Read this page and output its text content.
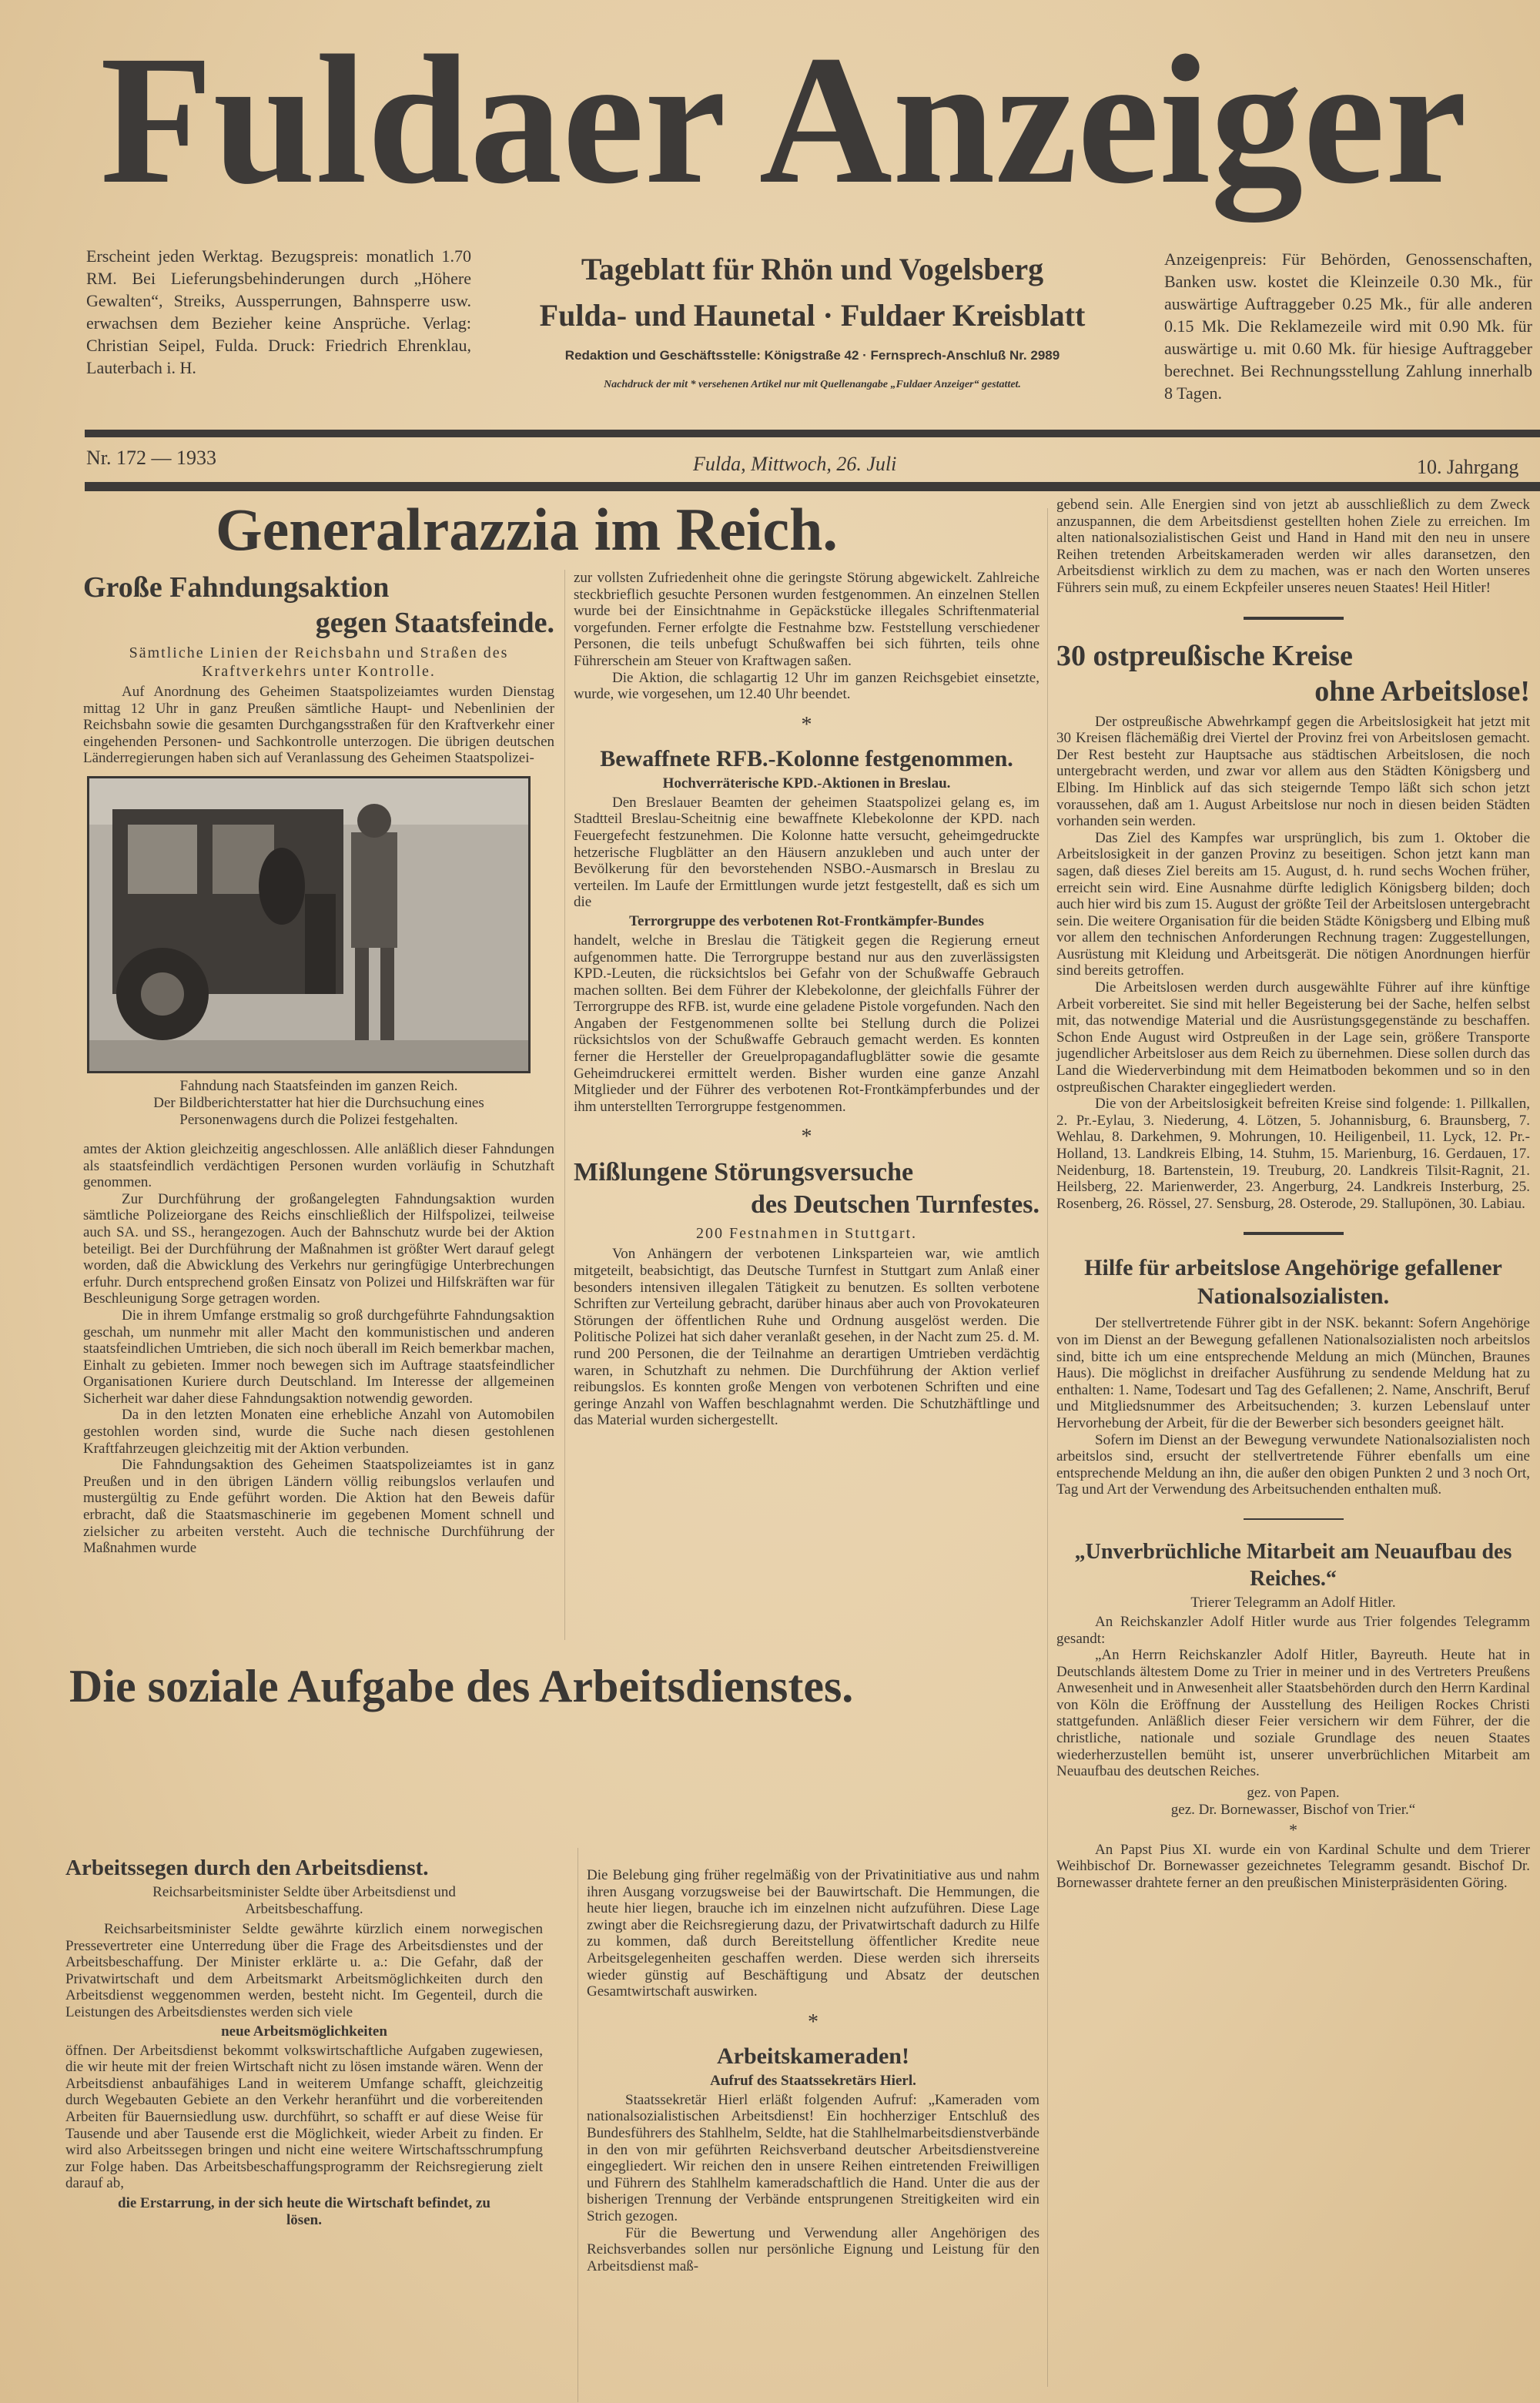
Fuldaer Anzeiger
Erscheint jeden Werktag. Bezugspreis: monatlich 1.70 RM. Bei Lieferungsbehinderungen durch „Höhere Gewalten“, Streiks, Aussperrungen, Bahnsperre usw. erwachsen dem Bezieher keine Ansprüche. Verlag: Christian Seipel, Fulda. Druck: Friedrich Ehrenklau, Lauterbach i. H.
Tageblatt für Rhön und Vogelsberg
Fulda- und Haunetal · Fuldaer Kreisblatt
Redaktion und Geschäftsstelle: Königstraße 42 · Fernsprech-Anschluß Nr. 2989
Nachdruck der mit * versehenen Artikel nur mit Quellenangabe „Fuldaer Anzeiger“ gestattet.
Anzeigenpreis: Für Behörden, Genossenschaften, Banken usw. kostet die Kleinzeile 0.30 Mk., für auswärtige Auftraggeber 0.25 Mk., für alle anderen 0.15 Mk. Die Reklamezeile wird mit 0.90 Mk. für auswärtige u. mit 0.60 Mk. für hiesige Auftraggeber berechnet. Bei Rechnungsstellung Zahlung innerhalb 8 Tagen.
Nr. 172 — 1933	Fulda, Mittwoch, 26. Juli	10. Jahrgang
Generalrazzia im Reich.
Große Fahndungsaktion
gegen Staatsfeinde.
Sämtliche Linien der Reichsbahn und Straßen des Kraftverkehrs unter Kontrolle.

Auf Anordnung des Geheimen Staatspolizeiamtes wurden Dienstag mittag 12 Uhr in ganz Preußen sämtliche Haupt- und Nebenlinien der Reichsbahn sowie die gesamten Durchgangsstraßen für den Kraftverkehr einer eingehenden Personen- und Sachkontrolle unterzogen. Die übrigen deutschen Länderregierungen haben sich auf Veranlassung des Geheimen Staatspolizei-

Fahndung nach Staatsfeinden im ganzen Reich.
Der Bildberichterstatter hat hier die Durchsuchung eines Personenwagens durch die Polizei festgehalten.

amtes der Aktion gleichzeitig angeschlossen. Alle anläßlich dieser Fahndungen als staatsfeindlich verdächtigen Personen wurden vorläufig in Schutzhaft genommen.

Zur Durchführung der großangelegten Fahndungsaktion wurden sämtliche Polizeiorgane des Reichs einschließlich der Hilfspolizei, teilweise auch SA. und SS., herangezogen. Auch der Bahnschutz wurde bei der Aktion beteiligt. Bei der Durchführung der Maßnahmen ist größter Wert darauf gelegt worden, daß die Abwicklung des Verkehrs nur geringfügige Unterbrechungen erfuhr. Durch entsprechend großen Einsatz von Polizei und Hilfskräften war für Beschleunigung Sorge getragen worden.

Die in ihrem Umfange erstmalig so groß durchgeführte Fahndungsaktion geschah, um nunmehr mit aller Macht den kommunistischen und anderen staatsfeindlichen Umtrieben, die sich noch überall im Reich bemerkbar machen, Einhalt zu gebieten. Immer noch bewegen sich im Auftrage staatsfeindlicher Organisationen Kuriere durch Deutschland. Im Interesse der allgemeinen Sicherheit war daher diese Fahndungsaktion notwendig geworden.

Da in den letzten Monaten eine erhebliche Anzahl von Automobilen gestohlen worden sind, wurde die Suche nach diesen gestohlenen Kraftfahrzeugen gleichzeitig mit der Aktion verbunden.

Die Fahndungsaktion des Geheimen Staatspolizeiamtes ist in ganz Preußen und in den übrigen Ländern völlig reibungslos verlaufen und mustergültig zu Ende geführt worden. Die Aktion hat den Beweis dafür erbracht, daß die Staatsmaschinerie im gegebenen Moment schnell und zielsicher zu arbeiten versteht. Auch die technische Durchführung der Maßnahmen wurde

zur vollsten Zufriedenheit ohne die geringste Störung abgewickelt. Zahlreiche steckbrieflich gesuchte Personen wurden festgenommen. An einzelnen Stellen wurde bei der Einsichtnahme in Gepäckstücke illegales Schriftenmaterial vorgefunden. Ferner erfolgte die Festnahme bzw. Feststellung verschiedener Personen, die teils unbefugt Schußwaffen bei sich führten, teils ohne Führerschein am Steuer von Kraftwagen saßen.

Die Aktion, die schlagartig 12 Uhr im ganzen Reichsgebiet einsetzte, wurde, wie vorgesehen, um 12.40 Uhr beendet.

*
Bewaffnete RFB.-Kolonne festgenommen.
Hochverräterische KPD.-Aktionen in Breslau.

Den Breslauer Beamten der geheimen Staatspolizei gelang es, im Stadtteil Breslau-Scheitnig eine bewaffnete Klebekolonne der KPD. nach Feuergefecht festzunehmen. Die Kolonne hatte versucht, geheimgedruckte hetzerische Flugblätter an den Häusern anzukleben und auch unter der Bevölkerung für den bevorstehenden NSBO.-Ausmarsch in Breslau zu verteilen. Im Laufe der Ermittlungen wurde jetzt festgestellt, daß es sich um die

Terrorgruppe des verbotenen Rot-Frontkämpfer-Bundes

handelt, welche in Breslau die Tätigkeit gegen die Regierung erneut aufgenommen hatte. Die Terrorgruppe bestand nur aus den zuverlässigsten KPD.-Leuten, die rücksichtslos bei Gefahr von der Schußwaffe Gebrauch machen sollten. Bei dem Führer der Klebekolonne, der gleichfalls Führer der Terrorgruppe des RFB. ist, wurde eine geladene Pistole vorgefunden. Nach den Angaben der Festgenommenen sollte bei Stellung durch die Polizei rücksichtslos von der Schußwaffe Gebrauch gemacht werden. Es konnten ferner die Hersteller der Greuelpropagandaflugblätter sowie die gesamte Geheimdruckerei ermittelt werden. Bisher wurden eine ganze Anzahl Mitglieder und der Führer des verbotenen Rot-Frontkämpferbundes und der ihm unterstellten Terrorgruppe festgenommen.

*
Mißlungene Störungsversuche
des Deutschen Turnfestes.
200 Festnahmen in Stuttgart.

Von Anhängern der verbotenen Linksparteien war, wie amtlich mitgeteilt, beabsichtigt, das Deutsche Turnfest in Stuttgart zum Anlaß einer besonders intensiven illegalen Tätigkeit zu benutzen. Es sollten verbotene Schriften zur Verteilung gebracht, darüber hinaus aber auch von Provokateuren Störungen der öffentlichen Ruhe und Ordnung ausgelöst werden. Die Politische Polizei hat sich daher veranlaßt gesehen, in der Nacht zum 25. d. M. rund 200 Personen, die der Teilnahme an derartigen Umtrieben verdächtig waren, in Schutzhaft zu nehmen. Die Durchführung der Aktion verlief reibungslos. Es konnten große Mengen von verbotenen Schriften und eine geringe Anzahl von Waffen beschlagnahmt werden. Die Schutzhäftlinge und das Material wurden sichergestellt.

gebend sein. Alle Energien sind von jetzt ab ausschließlich zu dem Zweck anzuspannen, die dem Arbeitsdienst gestellten hohen Ziele zu erreichen. Im alten nationalsozialistischen Geist und Hand in Hand mit den neu in unsere Reihen tretenden Arbeitskameraden werden wir alles daransetzen, den Arbeitsdienst wirklich zu dem zu machen, was er nach den Worten unseres Führers sein muß, zu einem Eckpfeiler unseres neuen Staates! Heil Hitler!

30 ostpreußische Kreise
ohne Arbeitslose!

Der ostpreußische Abwehrkampf gegen die Arbeitslosigkeit hat jetzt mit 30 Kreisen flächemäßig drei Viertel der Provinz frei von Arbeitslosen gemacht. Der Rest besteht zur Hauptsache aus städtischen Arbeitslosen, die noch untergebracht werden, und zwar vor allem aus den Städten Königsberg und Elbing. Im Hinblick auf das sich steigernde Tempo läßt sich schon jetzt voraussehen, daß am 1. August Arbeitslose nur noch in diesen beiden Städten vorhanden sein werden.

Das Ziel des Kampfes war ursprünglich, bis zum 1. Oktober die Arbeitslosigkeit in der ganzen Provinz zu beseitigen. Schon jetzt kann man sagen, daß dieses Ziel bereits am 15. August, d. h. rund sechs Wochen früher, erreicht sein wird. Eine Ausnahme dürfte lediglich Königsberg bilden; doch auch hier wird bis zum 15. August der größte Teil der Arbeitslosen untergebracht sein. Die weitere Organisation für die beiden Städte Königsberg und Elbing muß vor allem den technischen Anforderungen Rechnung tragen: Zuggestellungen, Ausrüstung mit Kleidung und Arbeitsgerät. Die nötigen Anordnungen hierfür sind bereits getroffen.

Die Arbeitslosen werden durch ausgewählte Führer auf ihre künftige Arbeit vorbereitet. Sie sind mit heller Begeisterung bei der Sache, helfen selbst mit, das notwendige Material und die Ausrüstungsgegenstände zu beschaffen. Schon Ende August wird Ostpreußen in der Lage sein, größere Transporte jugendlicher Arbeitsloser aus dem Reich zu übernehmen. Diese sollen durch das Land die Wiederverbindung mit dem Heimatboden bekommen und so in den ostpreußischen Charakter eingegliedert werden.

Die von der Arbeitslosigkeit befreiten Kreise sind folgende: 1. Pillkallen, 2. Pr.-Eylau, 3. Niederung, 4. Lötzen, 5. Johannisburg, 6. Braunsberg, 7. Wehlau, 8. Darkehmen, 9. Mohrungen, 10. Heiligenbeil, 11. Lyck, 12. Pr.-Holland, 13. Landkreis Elbing, 14. Stuhm, 15. Marienburg, 16. Gerdauen, 17. Neidenburg, 18. Bartenstein, 19. Treuburg, 20. Landkreis Tilsit-Ragnit, 21. Heilsberg, 22. Marienwerder, 23. Angerburg, 24. Landkreis Insterburg, 25. Rosenberg, 26. Rössel, 27. Sensburg, 28. Osterode, 29. Stallupönen, 30. Labiau.

Hilfe für arbeitslose Angehörige gefallener Nationalsozialisten.

Der stellvertretende Führer gibt in der NSK. bekannt: Sofern Angehörige von im Dienst an der Bewegung gefallenen Nationalsozialisten noch arbeitslos sind, bitte ich um eine entsprechende Meldung an mich (München, Braunes Haus). Die möglichst in dreifacher Ausführung zu sendende Meldung hat zu enthalten: 1. Name, Todesart und Tag des Gefallenen; 2. Name, Anschrift, Beruf und Mitgliedsnummer des Arbeitsuchenden; 3. kurzen Lebenslauf unter Hervorhebung der Arbeit, für die der Bewerber sich besonders geeignet hält.

Sofern im Dienst an der Bewegung verwundete Nationalsozialisten noch arbeitslos sind, ersucht der stellvertretende Führer ebenfalls um eine entsprechende Meldung an ihn, die außer den obigen Punkten 2 und 3 noch Ort, Tag und Art der Verwendung des Arbeitsuchenden enthalten muß.

„Unverbrüchliche Mitarbeit am Neuaufbau des Reiches.“
Trierer Telegramm an Adolf Hitler.

An Reichskanzler Adolf Hitler wurde aus Trier folgendes Telegramm gesandt:

„An Herrn Reichskanzler Adolf Hitler, Bayreuth. Heute hat in Deutschlands ältestem Dome zu Trier in meiner und in des Vertreters Preußens Anwesenheit und in Anwesenheit aller Staatsbehörden durch den Herrn Kardinal von Köln die Eröffnung der Ausstellung des Heiligen Rockes Christi stattgefunden. Anläßlich dieser Feier versichern wir dem Führer, der die christliche, nationale und soziale Grundlage des neuen Staates wiederherzustellen bemüht ist, unserer unverbrüchlichen Mitarbeit am Neuaufbau des deutschen Reiches.

gez. von Papen.
gez. Dr. Bornewasser, Bischof von Trier.“
*

An Papst Pius XI. wurde ein von Kardinal Schulte und dem Trierer Weihbischof Dr. Bornewasser gezeichnetes Telegramm gesandt. Bischof Dr. Bornewasser drahtete ferner an den preußischen Ministerpräsidenten Göring.

Die soziale Aufgabe des Arbeitsdienstes.
Arbeitssegen durch den Arbeitsdienst.
Reichsarbeitsminister Seldte über Arbeitsdienst und Arbeitsbeschaffung.

Reichsarbeitsminister Seldte gewährte kürzlich einem norwegischen Pressevertreter eine Unterredung über die Frage des Arbeitsdienstes und der Arbeitsbeschaffung. Der Minister erklärte u. a.: Die Gefahr, daß der Privatwirtschaft und dem Arbeitsmarkt Arbeitsmöglichkeiten durch den Arbeitsdienst weggenommen werden, besteht nicht. Im Gegenteil, durch die Leistungen des Arbeitsdienstes werden sich viele

neue Arbeitsmöglichkeiten

öffnen. Der Arbeitsdienst bekommt volkswirtschaftliche Aufgaben zugewiesen, die wir heute mit der freien Wirtschaft nicht zu lösen imstande wären. Wenn der Arbeitsdienst anbaufähiges Land in weiterem Umfange schafft, gleichzeitig durch Wegebauten Gebiete an den Verkehr heranführt und die vorbereitenden Arbeiten für Bauernsiedlung usw. durchführt, so schafft er auf diese Weise für Tausende und aber Tausende erst die Möglichkeit, wieder Arbeit zu finden. Er wird also Arbeitssegen bringen und nicht eine weitere Wirtschaftsschrumpfung zur Folge haben. Das Arbeitsbeschaffungsprogramm der Reichsregierung zielt darauf ab,

die Erstarrung, in der sich heute die Wirtschaft befindet, zu lösen.

Die Belebung ging früher regelmäßig von der Privatinitiative aus und nahm ihren Ausgang vorzugsweise bei der Bauwirtschaft. Die Hemmungen, die heute hier liegen, brauche ich im einzelnen nicht aufzuführen. Diese Lage zwingt aber die Reichsregierung dazu, der Privatwirtschaft dadurch zu Hilfe zu kommen, daß durch Bereitstellung öffentlicher Kredite neue Arbeitsgelegenheiten geschaffen werden. Diese werden sich ihrerseits wieder günstig auf Beschäftigung und Absatz der deutschen Gesamtwirtschaft auswirken.

*
Arbeitskameraden!
Aufruf des Staatssekretärs Hierl.

Staatssekretär Hierl erläßt folgenden Aufruf: „Kameraden vom nationalsozialistischen Arbeitsdienst! Ein hochherziger Entschluß des Bundesführers des Stahlhelm, Seldte, hat die Stahlhelmarbeitsdienstverbände in den von mir geführten Reichsverband deutscher Arbeitsdienstvereine eingegliedert. Wir reichen den in unsere Reihen eintretenden Freiwilligen und Führern des Stahlhelm kameradschaftlich die Hand. Unter die aus der bisherigen Trennung der Verbände entsprungenen Streitigkeiten wird ein Strich gezogen.

Für die Bewertung und Verwendung aller Angehörigen des Reichsverbandes sollen nur persönliche Eignung und Leistung für den Arbeitsdienst maß-
